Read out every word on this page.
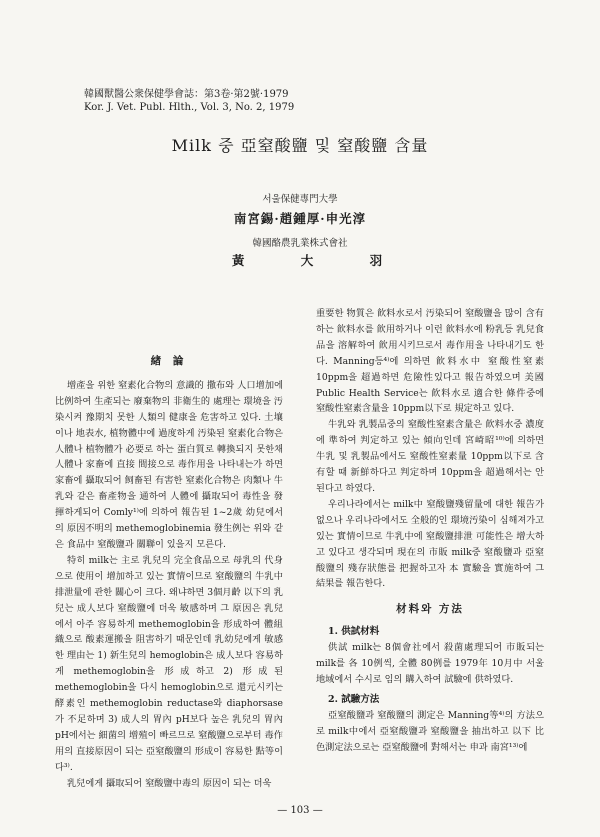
韓國獸醫公衆保健學會誌：第3卷·第2號·1979
Kor. J. Vet. Publ. Hlth., Vol. 3, No. 2, 1979
Milk 중 亞窒酸鹽 및 窒酸鹽 含量
서울保健專門大學
南宮錫·趙鍾厚·申光淳
韓國酪農乳業株式會社
黃 大 羽

緖 論

增產을 위한 窒素化合物의 意識的 撒布와 人口增加에 比例하여 生產되는 廢棄物의 非衛生的 處理는 環境을 汚染시켜 豫期치 못한 人類의 健康을 危害하고 있다. 土壤이나 地表水, 植物體中에 過度하게 汚染된 窒素化合物은 人體나 植物體가 必要로 하는 蛋白質로 轉換되지 못한채 人體나 家畜에 直接 間接으로 毒作用을 나타내는가 하면 家畜에 攝取되어 飼畜된 有害한 窒素化合物은 肉類나 牛乳와 같은 畜產物을 通하여 人體에 攝取되어 毒性을 發揮하게되어 Comly¹⁾에 의하여 報告된 1~2歲 幼兒에서의 原因不明의 methemoglobinemia 發生例는 위와 같은 食品中 窒酸鹽과 關聯이 있을지 모른다.

特히 milk는 主로 乳兒의 完全食品으로 母乳의 代身으로 使用이 增加하고 있는 實情이므로 窒酸鹽의 牛乳中 排泄量에 관한 關心이 크다. 왜냐하면 3個月齡 以下의 乳兒는 成人보다 窒酸鹽에 더욱 敏感하며 그 原因은 乳兒에서 아주 容易하게 methemoglobin을 形成하여 體組織으로 酸素運搬을 阻害하기 때문인데 乳幼兒에게 敏感한 理由는 1) 新生兒의 hemoglobin은 成人보다 容易하게 methemoglobin을 形成하고 2) 形成된 methemoglobin을 다시 hemoglobin으로 還元시키는 酵素인 methemoglobin reductase와 diaphorsase가 不足하며 3) 成人의 胃內 pH보다 높은 乳兒의 胃內 pH에서는 細菌의 增殖이 빠르므로 窒酸鹽으로부터 毒作用의 直接原因이 되는 亞窒酸鹽의 形成이 容易한 點等이다³⁾.

乳兒에게 攝取되어 窒酸鹽中毒의 原因이 되는 더욱

重要한 物質은 飮料水로서 汚染되어 窒酸鹽을 많이 含有하는 飮料水를 飮用하거나 이런 飮料水에 粉乳등 乳兒食品을 溶解하여 飮用시키므로서 毒作用을 나타내기도 한다. Manning등⁴⁾에 의하면 飮料水中 窒酸性窒素 10ppm을 超過하면 危險性있다고 報告하였으며 美國 Public Health Service는 飮料水로 適合한 條件중에 窒酸性窒素含量을 10ppm以下로 規定하고 있다.

牛乳와 乳製品중의 窒酸性窒素含量은 飮料水중 濃度에 準하여 判定하고 있는 傾向인데 宮崎昭¹⁰⁾에 의하면 牛乳 및 乳製品에서도 窒酸性窒素量 10ppm以下로 含有할 때 新鮮하다고 判定하며 10ppm을 超過해서는 안된다고 하였다.

우리나라에서는 milk中 窒酸鹽殘留量에 대한 報告가 없으나 우리나라에서도 全般的인 環境汚染이 심해져가고 있는 實情이므로 牛乳中에 窒酸鹽排泄 可能性은 增大하고 있다고 생각되며 現在의 市販 milk중 窒酸鹽과 亞窒酸鹽의 殘存狀態를 把握하고자 本 實驗을 實施하여 그 結果를 報告한다.

材料와 方法

1. 供試材料

供試 milk는 8個會社에서 殺菌處理되어 市販되는 milk를 各 10例씩, 全體 80例를 1979年 10月中 서울地域에서 수시로 임의 購入하여 試驗에 供하였다.

2. 試驗方法

亞窒酸鹽과 窒酸鹽의 測定은 Manning等⁴⁾의 方法으로 milk中에서 亞窒酸鹽과 窒酸鹽을 抽出하고 以下 比色測定法으로는 亞窒酸鹽에 對해서는 申과 南宮¹³⁾에

— 103 —
